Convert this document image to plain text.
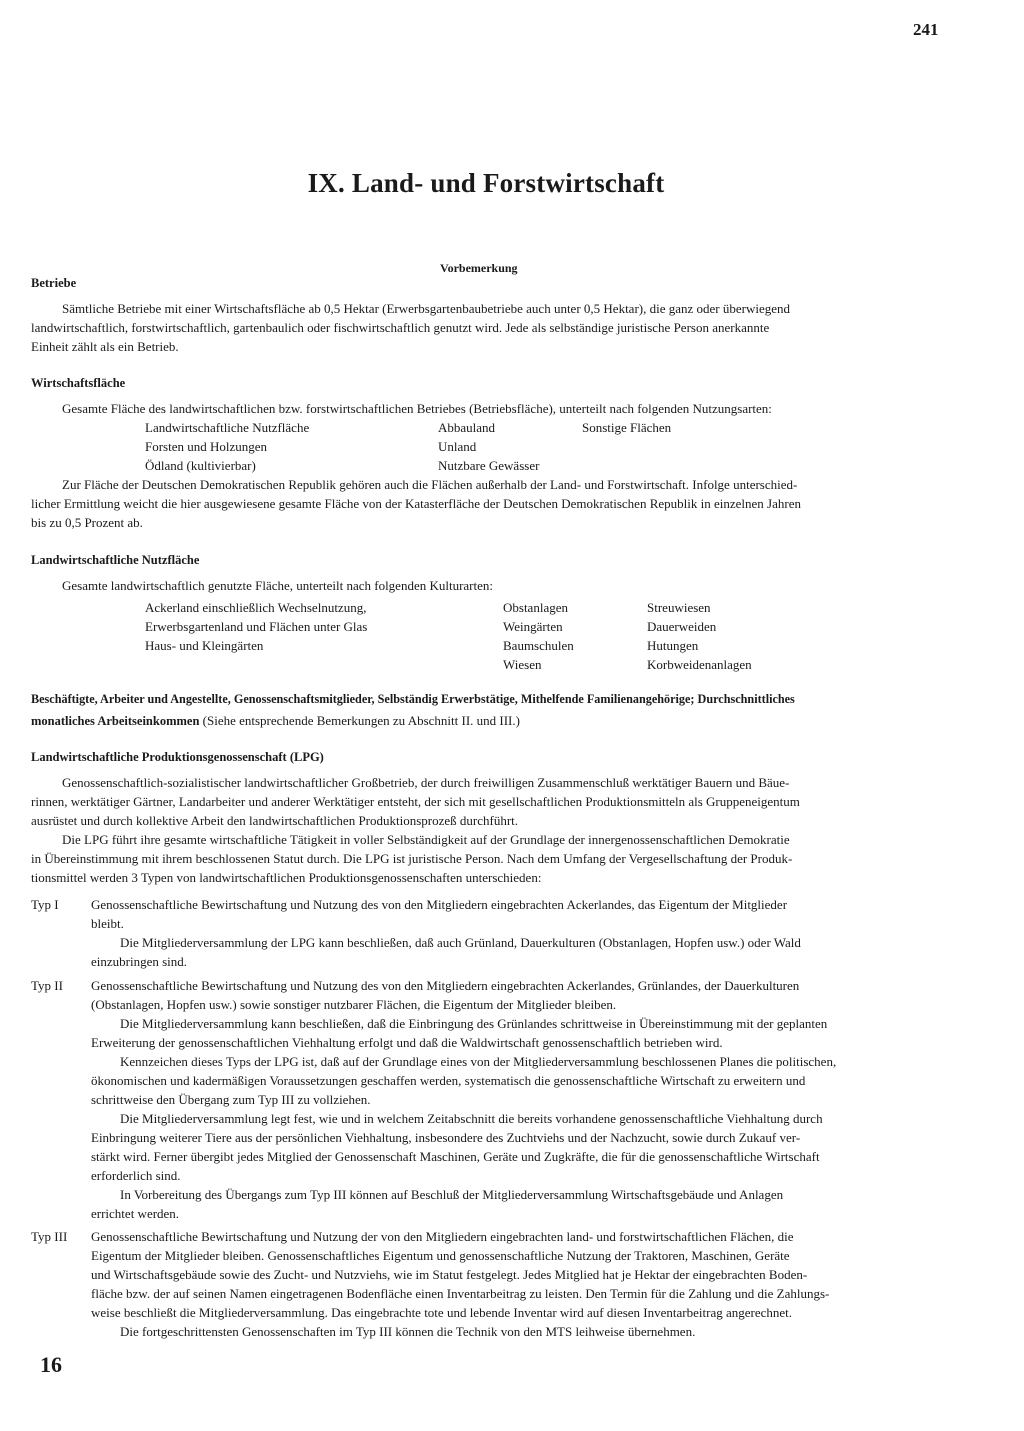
241
IX. Land- und Forstwirtschaft
Vorbemerkung
Betriebe
Sämtliche Betriebe mit einer Wirtschaftsfläche ab 0,5 Hektar (Erwerbsgartenbaubetriebe auch unter 0,5 Hektar), die ganz oder überwiegend
landwirtschaftlich, forstwirtschaftlich, gartenbaulich oder fischwirtschaftlich genutzt wird. Jede als selbständige juristische Person anerkannte
Einheit zählt als ein Betrieb.
Wirtschaftsfläche
Gesamte Fläche des landwirtschaftlichen bzw. forstwirtschaftlichen Betriebes (Betriebsfläche), unterteilt nach folgenden Nutzungsarten:
Landwirtschaftliche Nutzfläche
Forsten und Holzungen
Ödland (kultivierbar)
Abbauland
Unland
Nutzbare Gewässer
Sonstige Flächen
Zur Fläche der Deutschen Demokratischen Republik gehören auch die Flächen außerhalb der Land- und Forstwirtschaft. Infolge unterschied-
licher Ermittlung weicht die hier ausgewiesene gesamte Fläche von der Katasterfläche der Deutschen Demokratischen Republik in einzelnen Jahren
bis zu 0,5 Prozent ab.
Landwirtschaftliche Nutzfläche
Gesamte landwirtschaftlich genutzte Fläche, unterteilt nach folgenden Kulturarten:
Ackerland einschließlich Wechselnutzung,
Erwerbsgartenland und Flächen unter Glas
Haus- und Kleingärten
Obstanlagen
Weingärten
Baumschulen
Wiesen
Streuwiesen
Dauerweiden
Hutungen
Korbweidenanlagen
Beschäftigte, Arbeiter und Angestellte, Genossenschaftsmitglieder, Selbständig Erwerbstätige, Mithelfende Familienangehörige; Durchschnittliches
monatliches Arbeitseinkommen (Siehe entsprechende Bemerkungen zu Abschnitt II. und III.)
Landwirtschaftliche Produktionsgenossenschaft (LPG)
Genossenschaftlich-sozialistischer landwirtschaftlicher Großbetrieb, der durch freiwilligen Zusammenschluß werktätiger Bauern und Bäue-
rinnen, werktätiger Gärtner, Landarbeiter und anderer Werktätiger entsteht, der sich mit gesellschaftlichen Produktionsmitteln als Gruppeneigentum
ausrüstet und durch kollektive Arbeit den landwirtschaftlichen Produktionsprozeß durchführt.
Die LPG führt ihre gesamte wirtschaftliche Tätigkeit in voller Selbständigkeit auf der Grundlage der innergenossenschaftlichen Demokratie
in Übereinstimmung mit ihrem beschlossenen Statut durch. Die LPG ist juristische Person. Nach dem Umfang der Vergesellschaftung der Produk-
tionsmittel werden 3 Typen von landwirtschaftlichen Produktionsgenossenschaften unterschieden:
Typ I Genossenschaftliche Bewirtschaftung und Nutzung des von den Mitgliedern eingebrachten Ackerlandes, das Eigentum der Mitglieder
bleibt.
Die Mitgliederversammlung der LPG kann beschließen, daß auch Grünland, Dauerkulturen (Obstanlagen, Hopfen usw.) oder Wald
einzubringen sind.
Typ II Genossenschaftliche Bewirtschaftung und Nutzung des von den Mitgliedern eingebrachten Ackerlandes, Grünlandes, der Dauerkulturen
(Obstanlagen, Hopfen usw.) sowie sonstiger nutzbarer Flächen, die Eigentum der Mitglieder bleiben.
Die Mitgliederversammlung kann beschließen, daß die Einbringung des Grünlandes schrittweise in Übereinstimmung mit der geplanten
Erweiterung der genossenschaftlichen Viehhaltung erfolgt und daß die Waldwirtschaft genossenschaftlich betrieben wird.
Kennzeichen dieses Typs der LPG ist, daß auf der Grundlage eines von der Mitgliederversammlung beschlossenen Planes die politischen,
ökonomischen und kadermäßigen Voraussetzungen geschaffen werden, systematisch die genossenschaftliche Wirtschaft zu erweitern und
schrittweise den Übergang zum Typ III zu vollziehen.
Die Mitgliederversammlung legt fest, wie und in welchem Zeitabschnitt die bereits vorhandene genossenschaftliche Viehhaltung durch
Einbringung weiterer Tiere aus der persönlichen Viehhaltung, insbesondere des Zuchtviehs und der Nachzucht, sowie durch Zukauf ver-
stärkt wird. Ferner übergibt jedes Mitglied der Genossenschaft Maschinen, Geräte und Zugkräfte, die für die genossenschaftliche Wirtschaft
erforderlich sind.
In Vorbereitung des Übergangs zum Typ III können auf Beschluß der Mitgliederversammlung Wirtschaftsgebäude und Anlagen
errichtet werden.
Typ III Genossenschaftliche Bewirtschaftung und Nutzung der von den Mitgliedern eingebrachten land- und forstwirtschaftlichen Flächen, die
Eigentum der Mitglieder bleiben. Genossenschaftliches Eigentum und genossenschaftliche Nutzung der Traktoren, Maschinen, Geräte
und Wirtschaftsgebäude sowie des Zucht- und Nutzviehs, wie im Statut festgelegt. Jedes Mitglied hat je Hektar der eingebrachten Boden-
fläche bzw. der auf seinen Namen eingetragenen Bodenfläche einen Inventarbeitrag zu leisten. Den Termin für die Zahlung und die Zahlungs-
weise beschließt die Mitgliederversammlung. Das eingebrachte tote und lebende Inventar wird auf diesen Inventarbeitrag angerechnet.
Die fortgeschrittensten Genossenschaften im Typ III können die Technik von den MTS leihweise übernehmen.
16
